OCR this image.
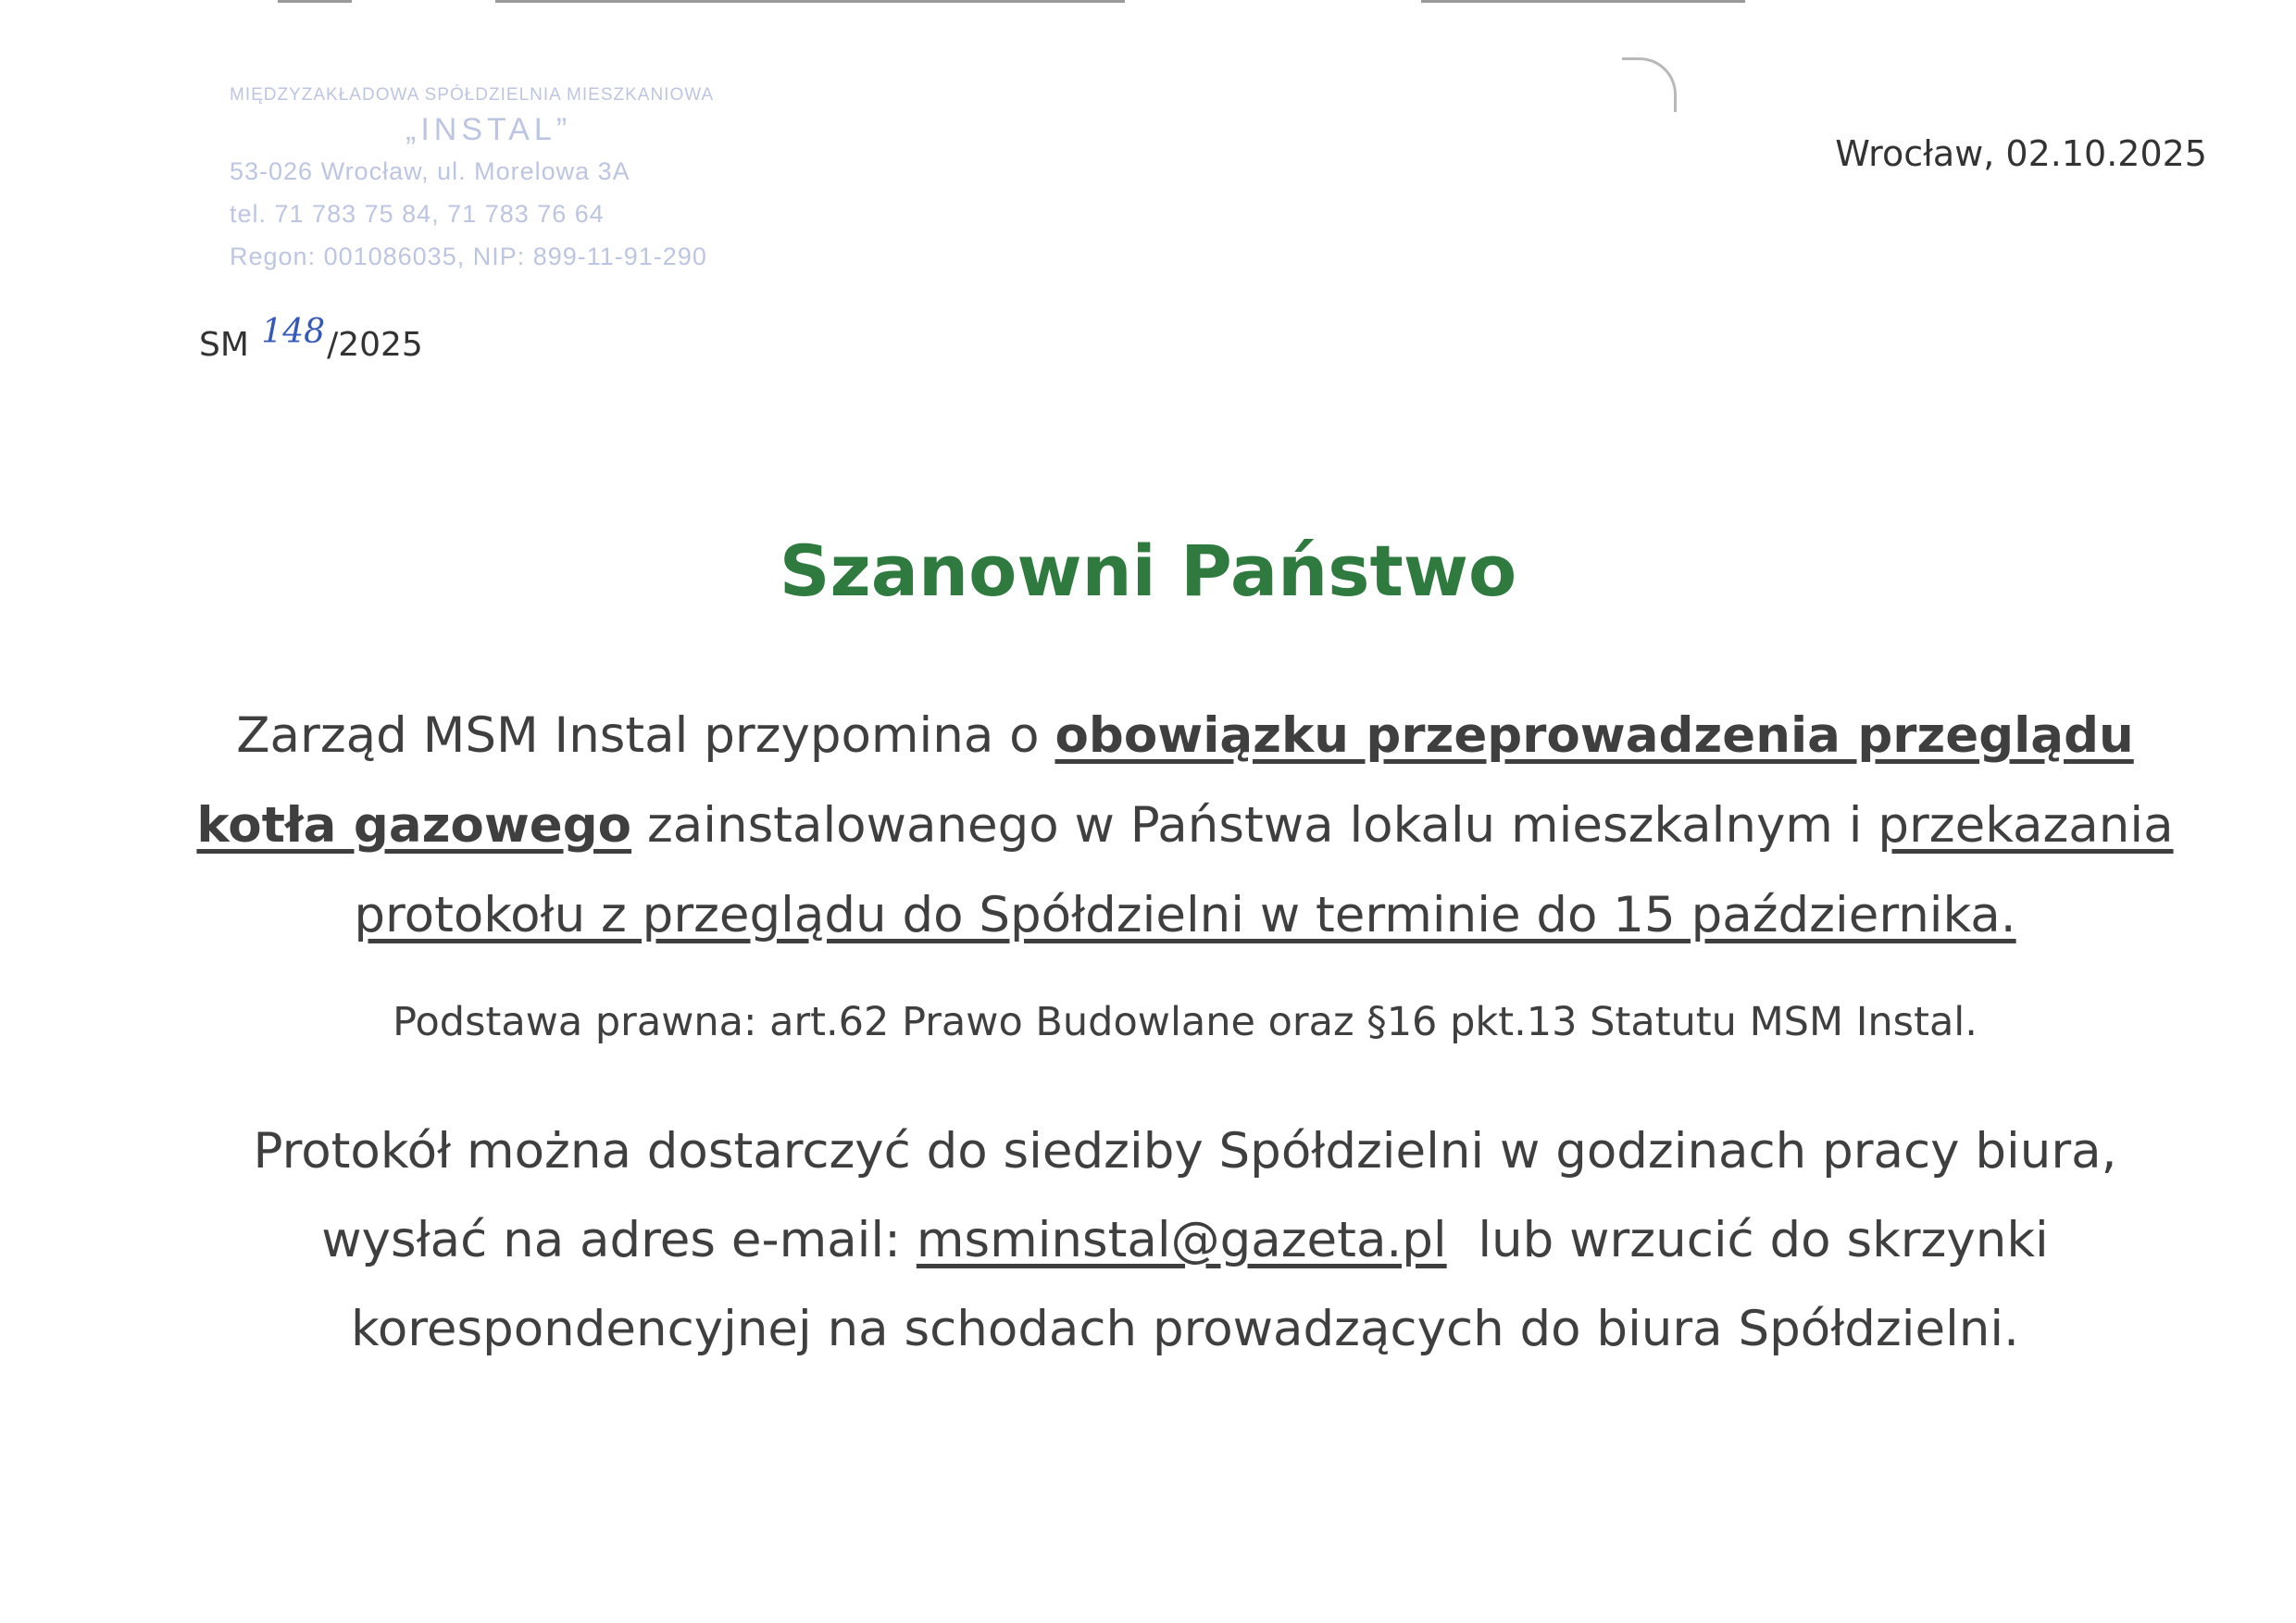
MIĘDZYZAKŁADOWA SPÓŁDZIELNIA MIESZKANIOWA
„INSTAL”
53-026 Wrocław, ul. Morelowa 3A
tel. 71 783 75 84, 71 783 76 64
Regon: 001086035, NIP: 899-11-91-290
Wrocław, 02.10.2025
SM 148/2025
Szanowni Państwo
Zarząd MSM Instal przypomina o obowiązku przeprowadzenia przeglądu kotła gazowego zainstalowanego w Państwa lokalu mieszkalnym i przekazania protokołu z przeglądu do Spółdzielni w terminie do 15 października.
Podstawa prawna: art.62 Prawo Budowlane oraz §16 pkt.13 Statutu MSM Instal.
Protokół można dostarczyć do siedziby Spółdzielni w godzinach pracy biura, wysłać na adres e-mail: msminstal@gazeta.pl  lub wrzucić do skrzynki korespondencyjnej na schodach prowadzących do biura Spółdzielni.
